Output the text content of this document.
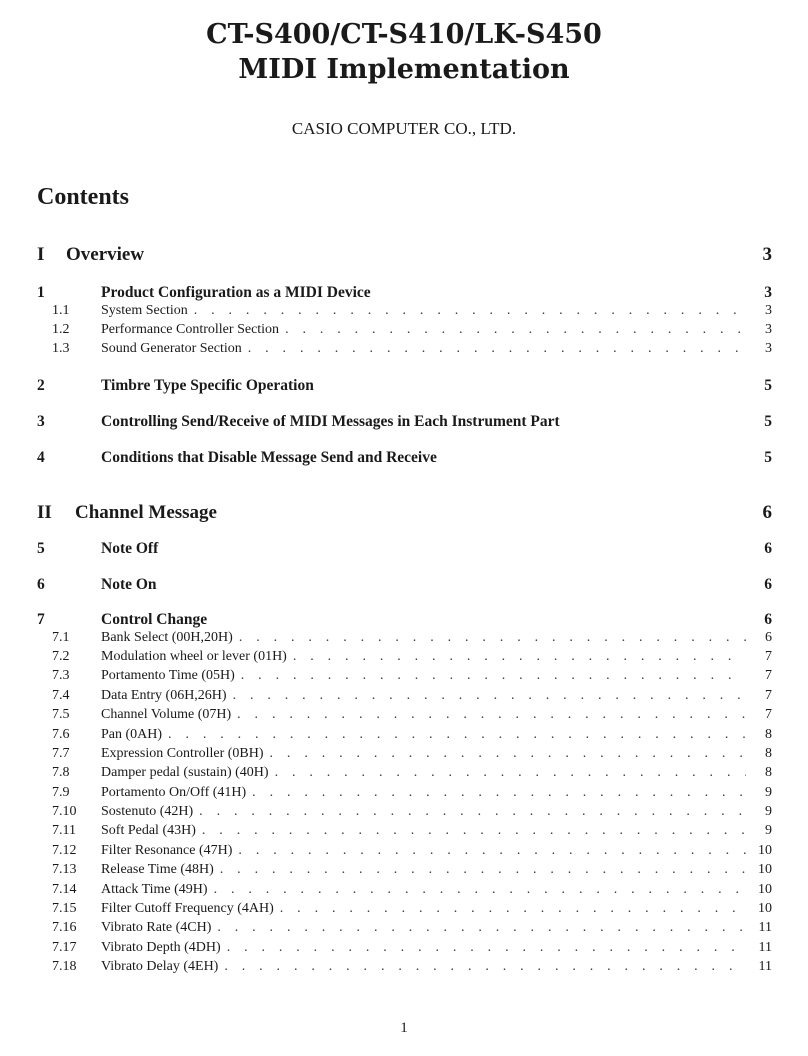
CT-S400/CT-S410/LK-S450
MIDI Implementation
CASIO COMPUTER CO., LTD.
Contents
I Overview	3
1	Product Configuration as a MIDI Device	3
1.1	System Section . . .	3
1.2	Performance Controller Section . . .	3
1.3	Sound Generator Section . . .	3
2	Timbre Type Specific Operation	5
3	Controlling Send/Receive of MIDI Messages in Each Instrument Part	5
4	Conditions that Disable Message Send and Receive	5
II Channel Message	6
5	Note Off	6
6	Note On	6
7	Control Change	6
7.1	Bank Select (00H,20H) . . .	6
7.2	Modulation wheel or lever (01H) . . .	7
7.3	Portamento Time (05H) . . .	7
7.4	Data Entry (06H,26H) . . .	7
7.5	Channel Volume (07H) . . .	7
7.6	Pan (0AH) . . .	8
7.7	Expression Controller (0BH) . . .	8
7.8	Damper pedal (sustain) (40H) . . .	8
7.9	Portamento On/Off (41H) . . .	9
7.10	Sostenuto (42H) . . .	9
7.11	Soft Pedal (43H) . . .	9
7.12	Filter Resonance (47H) . . .	10
7.13	Release Time (48H) . . .	10
7.14	Attack Time (49H) . . .	10
7.15	Filter Cutoff Frequency (4AH) . . .	10
7.16	Vibrato Rate (4CH) . . .	11
7.17	Vibrato Depth (4DH) . . .	11
7.18	Vibrato Delay (4EH) . . .	11
1
